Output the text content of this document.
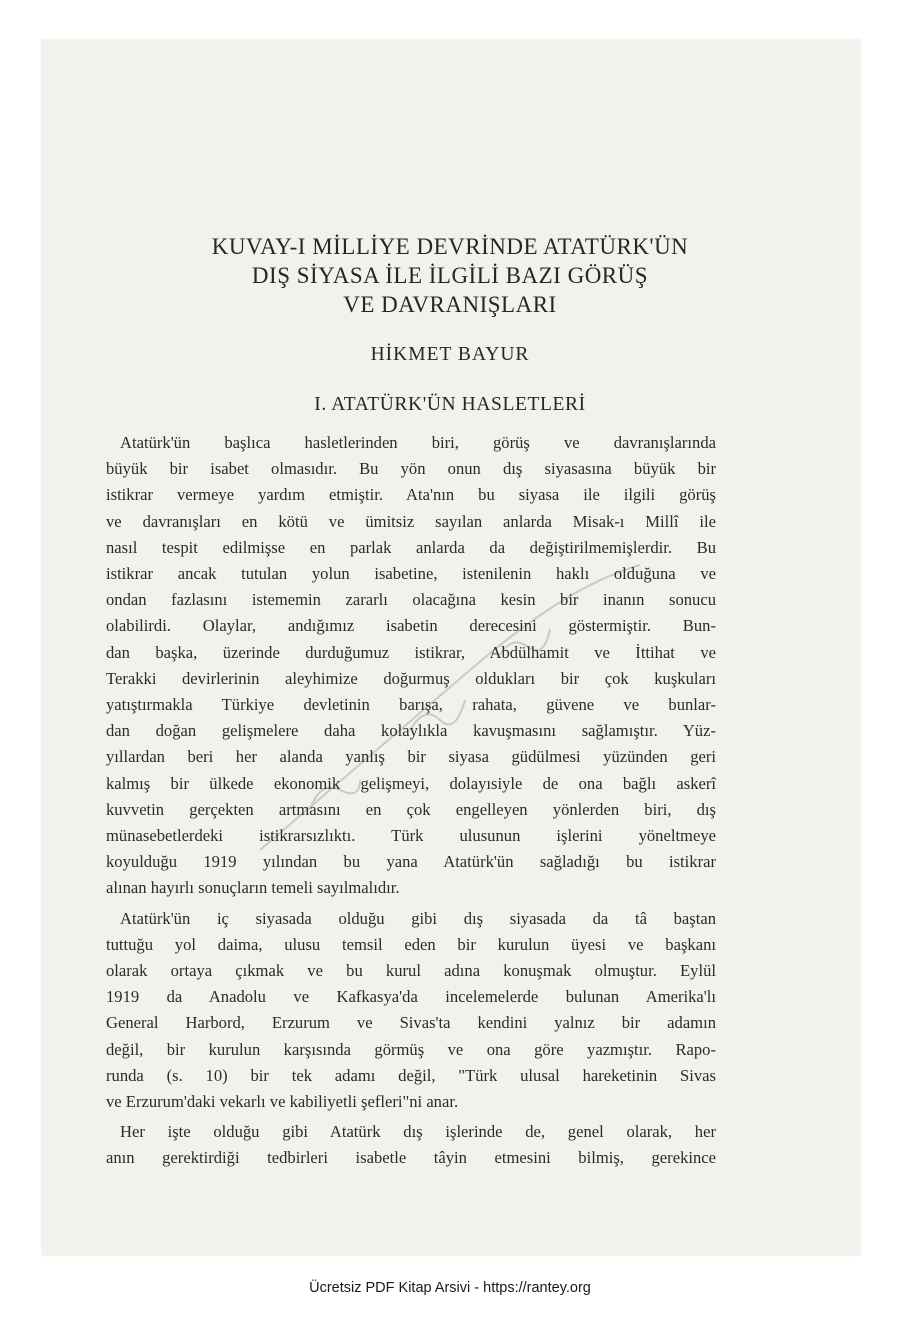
KUVAY-I MİLLİYE DEVRİNDE ATATÜRK'ÜN
DIŞ SİYASA İLE İLGİLİ BAZI GÖRÜŞ
VE DAVRANIŞLARI
HİKMET BAYUR
I. ATATÜRK'ÜN HASLETLERİ
Atatürk'ün başlıca hasletlerinden biri, görüş ve davranışlarında
büyük bir isabet olmasıdır. Bu yön onun dış siyasasına büyük bir
istikrar vermeye yardım etmiştir. Ata'nın bu siyasa ile ilgili görüş
ve davranışları en kötü ve ümitsiz sayılan anlarda Misak-ı Millî ile
nasıl tespit edilmişse en parlak anlarda da değiştirilmemişlerdir. Bu
istikrar ancak tutulan yolun isabetine, istenilenin haklı olduğuna ve
ondan fazlasını istememin zararlı olacağına kesin bir inanın sonucu
olabilirdi. Olaylar, andığımız isabetin derecesini göstermiştir. Bun-
dan başka, üzerinde durduğumuz istikrar, Abdülhamit ve İttihat ve
Terakki devirlerinin aleyhimize doğurmuş oldukları bir çok kuşkuları
yatıştırmakla Türkiye devletinin barışa, rahata, güvene ve bunlar-
dan doğan gelişmelere daha kolaylıkla kavuşmasını sağlamıştır. Yüz-
yıllardan beri her alanda yanlış bir siyasa güdülmesi yüzünden geri
kalmış bir ülkede ekonomik gelişmeyi, dolayısiyle de ona bağlı askerî
kuvvetin gerçekten artmasını en çok engelleyen yönlerden biri, dış
münasebetlerdeki istikrarsızlıktı. Türk ulusunun işlerini yöneltmeye
koyulduğu 1919 yılından bu yana Atatürk'ün sağladığı bu istikrar
alınan hayırlı sonuçların temeli sayılmalıdır.
Atatürk'ün iç siyasada olduğu gibi dış siyasada da tâ baştan
tuttuğu yol daima, ulusu temsil eden bir kurulun üyesi ve başkanı
olarak ortaya çıkmak ve bu kurul adına konuşmak olmuştur. Eylül
1919 da Anadolu ve Kafkasya'da incelemelerde bulunan Amerika'lı
General Harbord, Erzurum ve Sivas'ta kendini yalnız bir adamın
değil, bir kurulun karşısında görmüş ve ona göre yazmıştır. Rapo-
runda (s. 10) bir tek adamı değil, "Türk ulusal hareketinin Sivas
ve Erzurum'daki vekarlı ve kabiliyetli şefleri"ni anar.
Her işte olduğu gibi Atatürk dış işlerinde de, genel olarak, her
anın gerektirdiği tedbirleri isabetle tâyin etmesini bilmiş, gerekince
Ücretsiz PDF Kitap Arsivi - https://rantey.org
